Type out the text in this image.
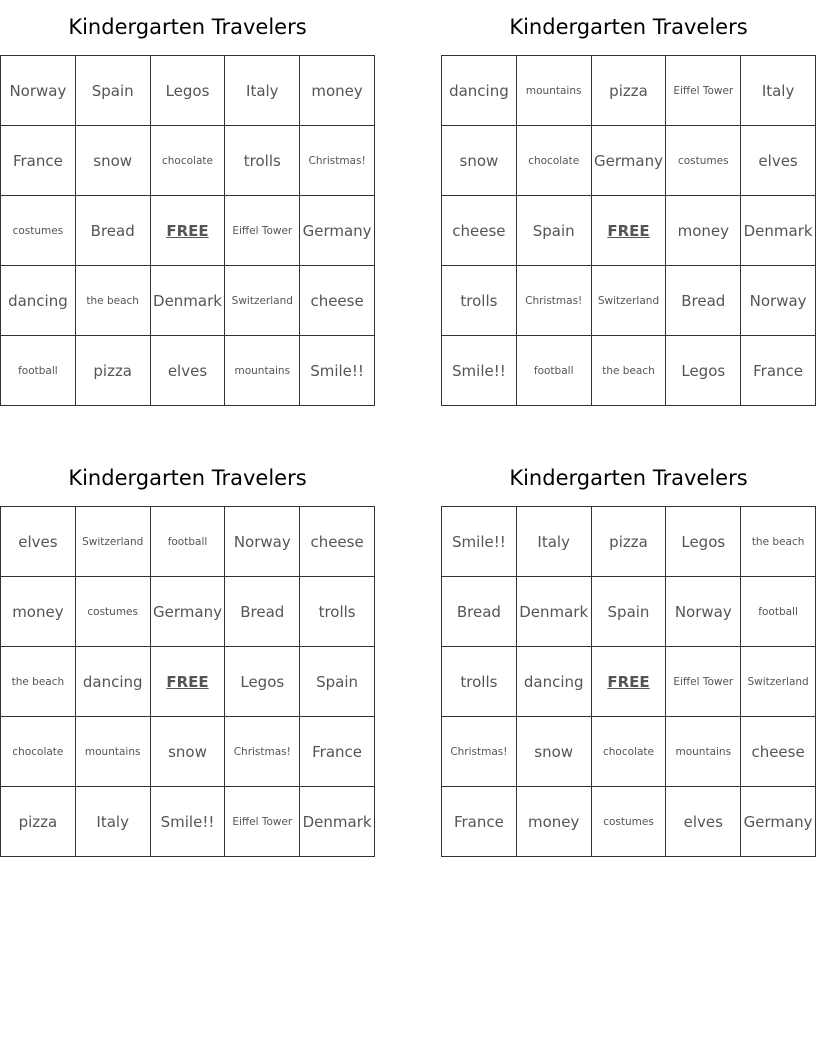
Kindergarten Travelers
Norway	Spain	Legos	Italy	money
France	snow	chocolate	trolls	Christmas!
costumes	Bread	FREE	Eiffel Tower	Germany
dancing	the beach	Denmark	Switzerland	cheese
football	pizza	elves	mountains	Smile!!
Kindergarten Travelers
dancing	mountains	pizza	Eiffel Tower	Italy
snow	chocolate	Germany	costumes	elves
cheese	Spain	FREE	money	Denmark
trolls	Christmas!	Switzerland	Bread	Norway
Smile!!	football	the beach	Legos	France
Kindergarten Travelers
elves	Switzerland	football	Norway	cheese
money	costumes	Germany	Bread	trolls
the beach	dancing	FREE	Legos	Spain
chocolate	mountains	snow	Christmas!	France
pizza	Italy	Smile!!	Eiffel Tower	Denmark
Kindergarten Travelers
Smile!!	Italy	pizza	Legos	the beach
Bread	Denmark	Spain	Norway	football
trolls	dancing	FREE	Eiffel Tower	Switzerland
Christmas!	snow	chocolate	mountains	cheese
France	money	costumes	elves	Germany
